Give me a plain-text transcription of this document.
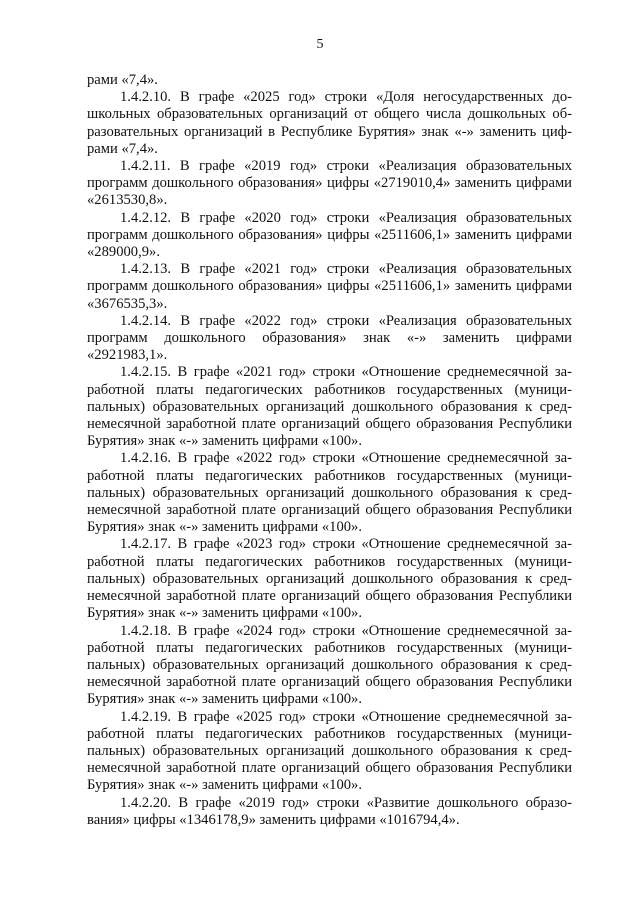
5

рами «7,4».

1.4.2.10. В графе «2025 год» строки «Доля негосударственных дошкольных образовательных организаций от общего числа дошкольных образовательных организаций в Республике Бурятия» знак «-» заменить цифрами «7,4».

1.4.2.11. В графе «2019 год» строки «Реализация образовательных программ дошкольного образования» цифры «2719010,4» заменить цифрами «2613530,8».

1.4.2.12. В графе «2020 год» строки «Реализация образовательных программ дошкольного образования» цифры «2511606,1» заменить цифрами «289000,9».

1.4.2.13. В графе «2021 год» строки «Реализация образовательных программ дошкольного образования» цифры «2511606,1» заменить цифрами «3676535,3».

1.4.2.14. В графе «2022 год» строки «Реализация образовательных программ дошкольного образования» знак «-» заменить цифрами «2921983,1».

1.4.2.15. В графе «2021 год» строки «Отношение среднемесячной заработной платы педагогических работников государственных (муниципальных) образовательных организаций дошкольного образования к среднемесячной заработной плате организаций общего образования Республики Бурятия» знак «-» заменить цифрами «100».

1.4.2.16. В графе «2022 год» строки «Отношение среднемесячной заработной платы педагогических работников государственных (муниципальных) образовательных организаций дошкольного образования к среднемесячной заработной плате организаций общего образования Республики Бурятия» знак «-» заменить цифрами «100».

1.4.2.17. В графе «2023 год» строки «Отношение среднемесячной заработной платы педагогических работников государственных (муниципальных) образовательных организаций дошкольного образования к среднемесячной заработной плате организаций общего образования Республики Бурятия» знак «-» заменить цифрами «100».

1.4.2.18. В графе «2024 год» строки «Отношение среднемесячной заработной платы педагогических работников государственных (муниципальных) образовательных организаций дошкольного образования к среднемесячной заработной плате организаций общего образования Республики Бурятия» знак «-» заменить цифрами «100».

1.4.2.19. В графе «2025 год» строки «Отношение среднемесячной заработной платы педагогических работников государственных (муниципальных) образовательных организаций дошкольного образования к среднемесячной заработной плате организаций общего образования Республики Бурятия» знак «-» заменить цифрами «100».

1.4.2.20. В графе «2019 год» строки «Развитие дошкольного образования» цифры «1346178,9» заменить цифрами «1016794,4».
